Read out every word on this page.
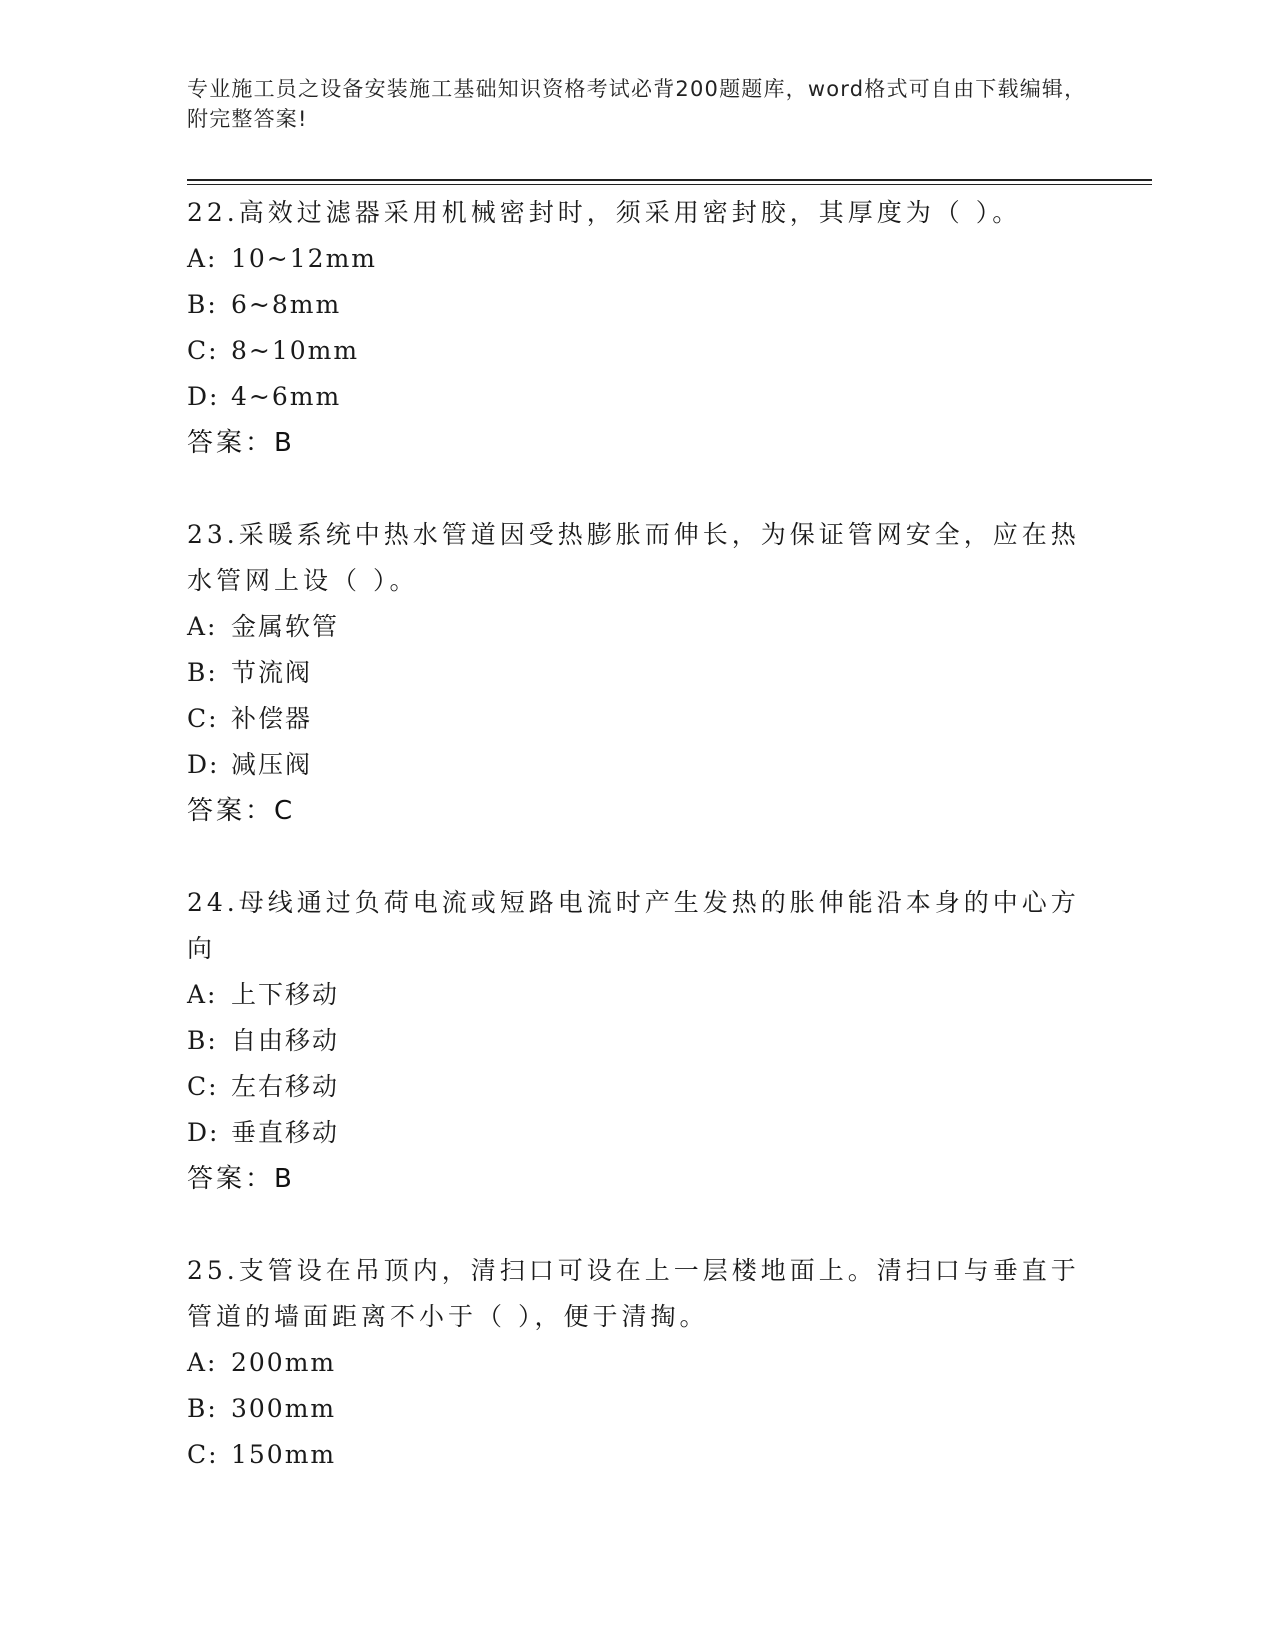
专业施工员之设备安装施工基础知识资格考试必背200题题库，word格式可自由下载编辑，附完整答案!
22.高效过滤器采用机械密封时，须采用密封胶，其厚度为（ ）。
A: 10~12mm
B: 6~8mm
C: 8~10mm
D: 4~6mm
答案：B
23.采暖系统中热水管道因受热膨胀而伸长，为保证管网安全，应在热水管网上设（ ）。
A: 金属软管
B: 节流阀
C: 补偿器
D: 减压阀
答案：C
24.母线通过负荷电流或短路电流时产生发热的胀伸能沿本身的中心方向
A: 上下移动
B: 自由移动
C: 左右移动
D: 垂直移动
答案：B
25.支管设在吊顶内，清扫口可设在上一层楼地面上。清扫口与垂直于管道的墙面距离不小于（ ），便于清掏。
A: 200mm
B: 300mm
C: 150mm
